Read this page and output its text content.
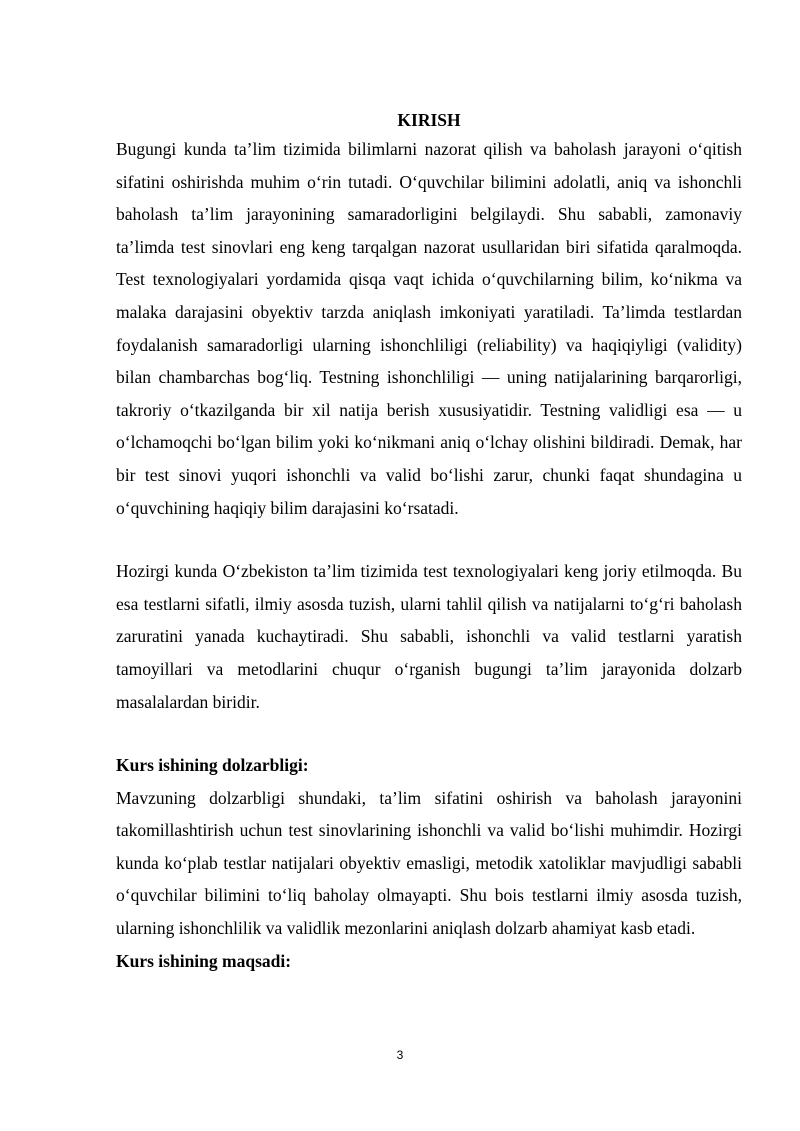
KIRISH

Bugungi kunda ta’lim tizimida bilimlarni nazorat qilish va baholash jarayoni o‘qitish sifatini oshirishda muhim o‘rin tutadi. O‘quvchilar bilimini adolatli, aniq va ishonchli baholash ta’lim jarayonining samaradorligini belgilaydi. Shu sababli, zamonaviy ta’limda test sinovlari eng keng tarqalgan nazorat usullaridan biri sifatida qaralmoqda. Test texnologiyalari yordamida qisqa vaqt ichida o‘quvchilarning bilim, ko‘nikma va malaka darajasini obyektiv tarzda aniqlash imkoniyati yaratiladi. Ta’limda testlardan foydalanish samaradorligi ularning ishonchliligi (reliability) va haqiqiyligi (validity) bilan chambarchas bog‘liq. Testning ishonchliligi — uning natijalarining barqarorligi, takroriy o‘tkazilganda bir xil natija berish xususiyatidir. Testning validligi esa — u o‘lchamoqchi bo‘lgan bilim yoki ko‘nikmani aniq o‘lchay olishini bildiradi. Demak, har bir test sinovi yuqori ishonchli va valid bo‘lishi zarur, chunki faqat shundagina u o‘quvchining haqiqiy bilim darajasini ko‘rsatadi.

Hozirgi kunda O‘zbekiston ta’lim tizimida test texnologiyalari keng joriy etilmoqda. Bu esa testlarni sifatli, ilmiy asosda tuzish, ularni tahlil qilish va natijalarni to‘g‘ri baholash zaruratini yanada kuchaytiradi. Shu sababli, ishonchli va valid testlarni yaratish tamoyillari va metodlarini chuqur o‘rganish bugungi ta’lim jarayonida dolzarb masalalardan biridir.

Kurs ishining dolzarbligi:

Mavzuning dolzarbligi shundaki, ta’lim sifatini oshirish va baholash jarayonini takomillashtirish uchun test sinovlarining ishonchli va valid bo‘lishi muhimdir. Hozirgi kunda ko‘plab testlar natijalari obyektiv emasligi, metodik xatoliklar mavjudligi sababli o‘quvchilar bilimini to‘liq baholay olmayapti. Shu bois testlarni ilmiy asosda tuzish, ularning ishonchlilik va validlik mezonlarini aniqlash dolzarb ahamiyat kasb etadi.

Kurs ishining maqsadi:

3
